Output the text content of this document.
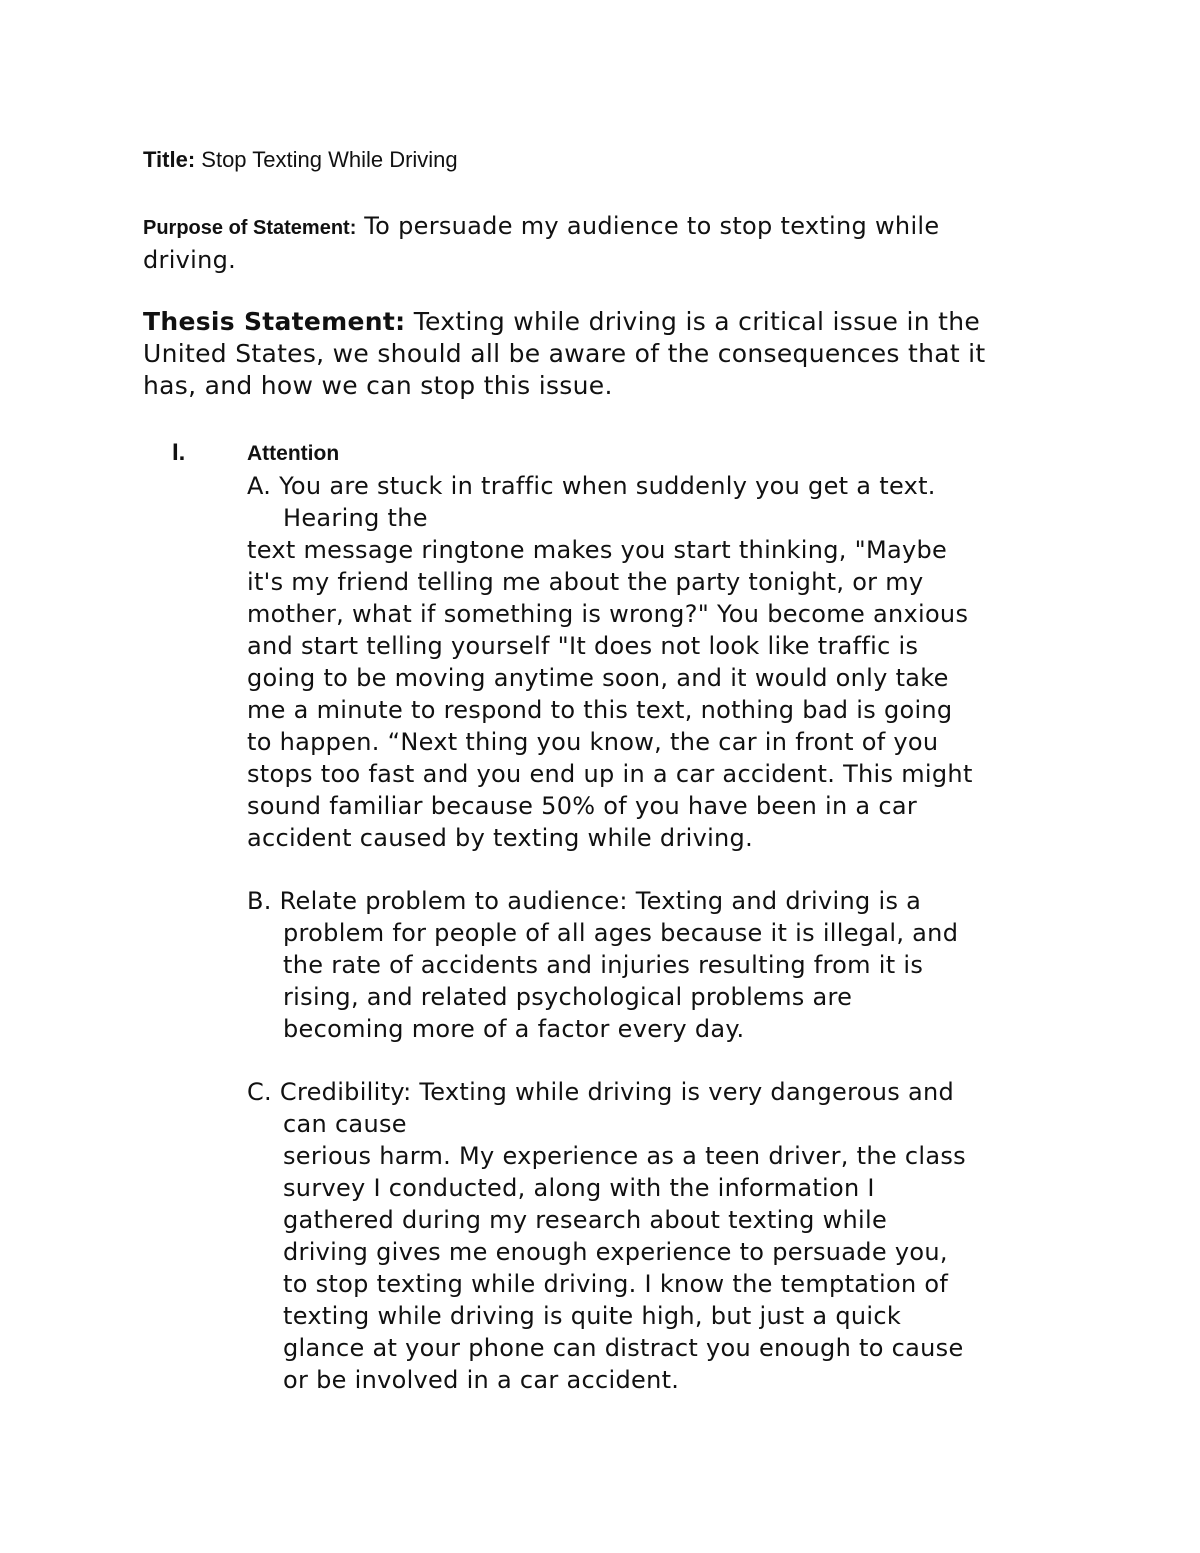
Title: Stop Texting While Driving
Purpose of Statement: To persuade my audience to stop texting while
driving.
Thesis Statement: Texting while driving is a critical issue in the
United States, we should all be aware of the consequences that it
has, and how we can stop this issue.
I.	Attention
A. You are stuck in traffic when suddenly you get a text.
Hearing the
text message ringtone makes you start thinking, "Maybe
it's my friend telling me about the party tonight, or my
mother, what if something is wrong?" You become anxious
and start telling yourself "It does not look like traffic is
going to be moving anytime soon, and it would only take
me a minute to respond to this text, nothing bad is going
to happen. “Next thing you know, the car in front of you
stops too fast and you end up in a car accident. This might
sound familiar because 50% of you have been in a car
accident caused by texting while driving.
B. Relate problem to audience: Texting and driving is a
problem for people of all ages because it is illegal, and
the rate of accidents and injuries resulting from it is
rising, and related psychological problems are
becoming more of a factor every day.
C. Credibility: Texting while driving is very dangerous and
can cause
serious harm. My experience as a teen driver, the class
survey I conducted, along with the information I
gathered during my research about texting while
driving gives me enough experience to persuade you,
to stop texting while driving. I know the temptation of
texting while driving is quite high, but just a quick
glance at your phone can distract you enough to cause
or be involved in a car accident.
